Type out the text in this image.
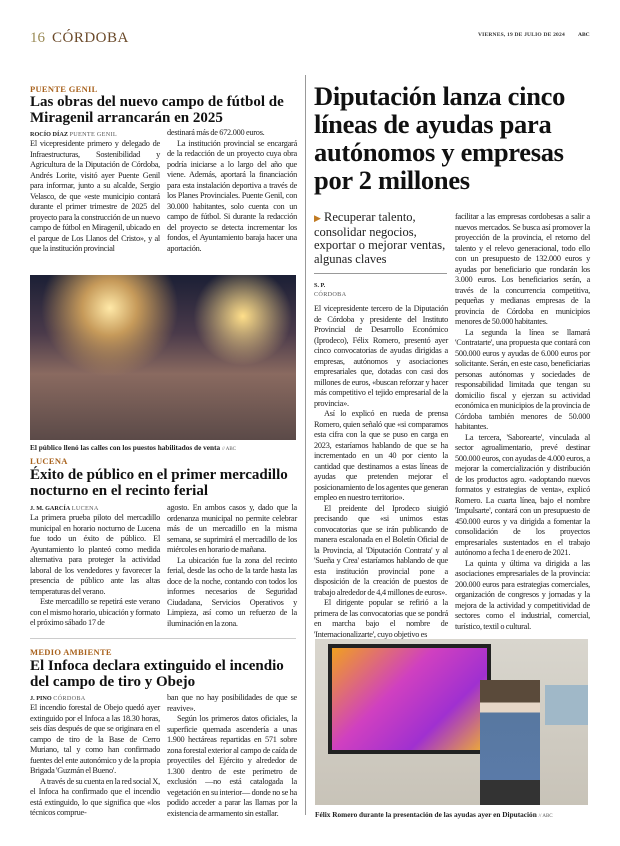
16 CÓRDOBA	VIERNES, 19 DE JULIO DE 2024 ABC
PUENTE GENIL
Las obras del nuevo campo de fútbol de Miragenil arrancarán en 2025
ROCÍO DÍAZ PUENTE GENIL

El vicepresidente primero y delegado de Infraestructuras, Sostenibilidad y Agricultura de la Diputación de Córdoba, Andrés Lorite, visitó ayer Puente Genil para informar, junto a su alcalde, Sergio Velasco, de que «este municipio contará durante el primer trimestre de 2025 del proyecto para la construcción de un nuevo campo de fútbol en Miragenil, ubicado en el parque de Los Llanos del Cristo», y al que la institución provincial

destinará más de 672.000 euros.

La institución provincial se encargará de la redacción de un proyecto cuya obra podría iniciarse a lo largo del año que viene. Además, aportará la financiación para esta instalación deportiva a través de los Planes Provinciales. Puente Genil, con 30.000 habitantes, solo cuenta con un campo de fútbol. Si durante la redacción del proyecto se detecta incrementar los fondos, el Ayuntamiento baraja hacer una aportación.

El público llenó las calles con los puestos habilitados de venta // ABC
LUCENA
Éxito de público en el primer mercadillo nocturno en el recinto ferial
J. M. GARCÍA LUCENA

La primera prueba piloto del mercadillo municipal en horario nocturno de Lucena fue todo un éxito de público. El Ayuntamiento lo planteó como medida alternativa para proteger la actividad laboral de los vendedores y favorecer la presencia de público ante las altas temperaturas del verano.

Este mercadillo se repetirá este verano con el mismo horario, ubicación y formato el próximo sábado 17 de

agosto. En ambos casos y, dado que la ordenanza municipal no permite celebrar más de un mercadillo en la misma semana, se suprimirá el mercadillo de los miércoles en horario de mañana.

La ubicación fue la zona del recinto ferial, desde las ocho de la tarde hasta las doce de la noche, contando con todos los informes necesarios de Seguridad Ciudadana, Servicios Operativos y Limpieza, así como un refuerzo de la iluminación en la zona.

MEDIO AMBIENTE
El Infoca declara extinguido el incendio del campo de tiro y Obejo
J. PINO CÓRDOBA

El incendio forestal de Obejo quedó ayer extinguido por el Infoca a las 18.30 horas, seis días después de que se originara en el campo de tiro de la Base de Cerro Muriano, tal y como han confirmado fuentes del ente autonómico y de la propia Brigada 'Guzmán el Bueno'.

A través de su cuenta en la red social X, el Infoca ha confirmado que el incendio está extinguido, lo que significa que «los técnicos comprue-

ban que no hay posibilidades de que se reavive».

Según los primeros datos oficiales, la superficie quemada ascendería a unas 1.900 hectáreas repartidas en 571 sobre zona forestal exterior al campo de caída de proyectiles del Ejército y alrededor de 1.300 dentro de este perímetro de exclusión —no está catalogada la vegetación en su interior— donde no se ha podido acceder a parar las llamas por la existencia de armamento sin estallar.

Diputación lanza cinco líneas de ayudas para autónomos y empresas por 2 millones
▶ Recuperar talento, consolidar negocios, exportar o mejorar ventas, algunas claves
S. P.
CÓRDOBA

El vicepresidente tercero de la Diputación de Córdoba y presidente del Instituto Provincial de Desarrollo Económico (Iprodeco), Félix Romero, presentó ayer cinco convocatorias de ayudas dirigidas a empresas, autónomos y asociaciones empresariales que, dotadas con casi dos millones de euros, «buscan reforzar y hacer más competitivo el tejido empresarial de la provincia».

Así lo explicó en rueda de prensa Romero, quien señaló que «si comparamos esta cifra con la que se puso en carga en 2023, estaríamos hablando de que se ha incrementado en un 40 por ciento la cantidad que destinamos a estas líneas de ayudas que pretenden mejorar el posicionamiento de los agentes que generan empleo en nuestro territorio».

El preidente del Iprodeco siuigió precisando que «si unimos estas convocatorias que se irán publicando de manera escalonada en el Boletín Oficial de la Provincia, al 'Diputación Contrata' y al 'Sueña y Crea' estaríamos hablando de que esta institución provincial pone a disposición de la creación de puestos de trabajo alrededor de 4,4 millones de euros».

El dirigente popular se refirió a la primera de las convocatorias que se pondrá en marcha bajo el nombre de 'Internacionalizarte', cuyo objetivo es

facilitar a las empresas cordobesas a salir a nuevos mercados. Se busca así promover la proyección de la provincia, el retorno del talento y el relevo generacional, todo ello con un presupuesto de 132.000 euros y ayudas por beneficiario que rondarán los 3.000 euros. Los beneficiarios serán, a través de la concurrencia competitiva, pequeñas y medianas empresas de la provincia de Córdoba en municipios menores de 50.000 habitantes.

La segunda la línea se llamará 'Contratarte', una propuesta que contará con 500.000 euros y ayudas de 6.000 euros por solicitante. Serán, en este caso, beneficiarias personas autónomas y sociedades de responsabilidad limitada que tengan su domicilio fiscal y ejerzan su actividad económica en municipios de la provincia de Córdoba también menores de 50.000 habitantes.

La tercera, 'Saborearte', vinculada al sector agroalimentario, prevé destinar 500.000 euros, con ayudas de 4.000 euros, a mejorar la comercialización y distribución de los productos agro. «adoptando nuevos formatos y estrategias de venta», explicó Romero. La cuarta línea, bajo el nombre 'Impulsarte', contará con un presupuesto de 450.000 euros y va dirigida a fomentar la consolidación de los proyectos empresariales sustentados en el trabajo autónomo a fecha 1 de enero de 2021.

La quinta y última va dirigida a las asociaciones empresariales de la provincia: 200.000 euros para estrategias comerciales, organización de congresos y jornadas y la mejora de la actividad y competitividad de sectores como el industrial, comercial, turístico, textil o cultural.

Félix Romero durante la presentación de las ayudas ayer en Diputación // ABC
